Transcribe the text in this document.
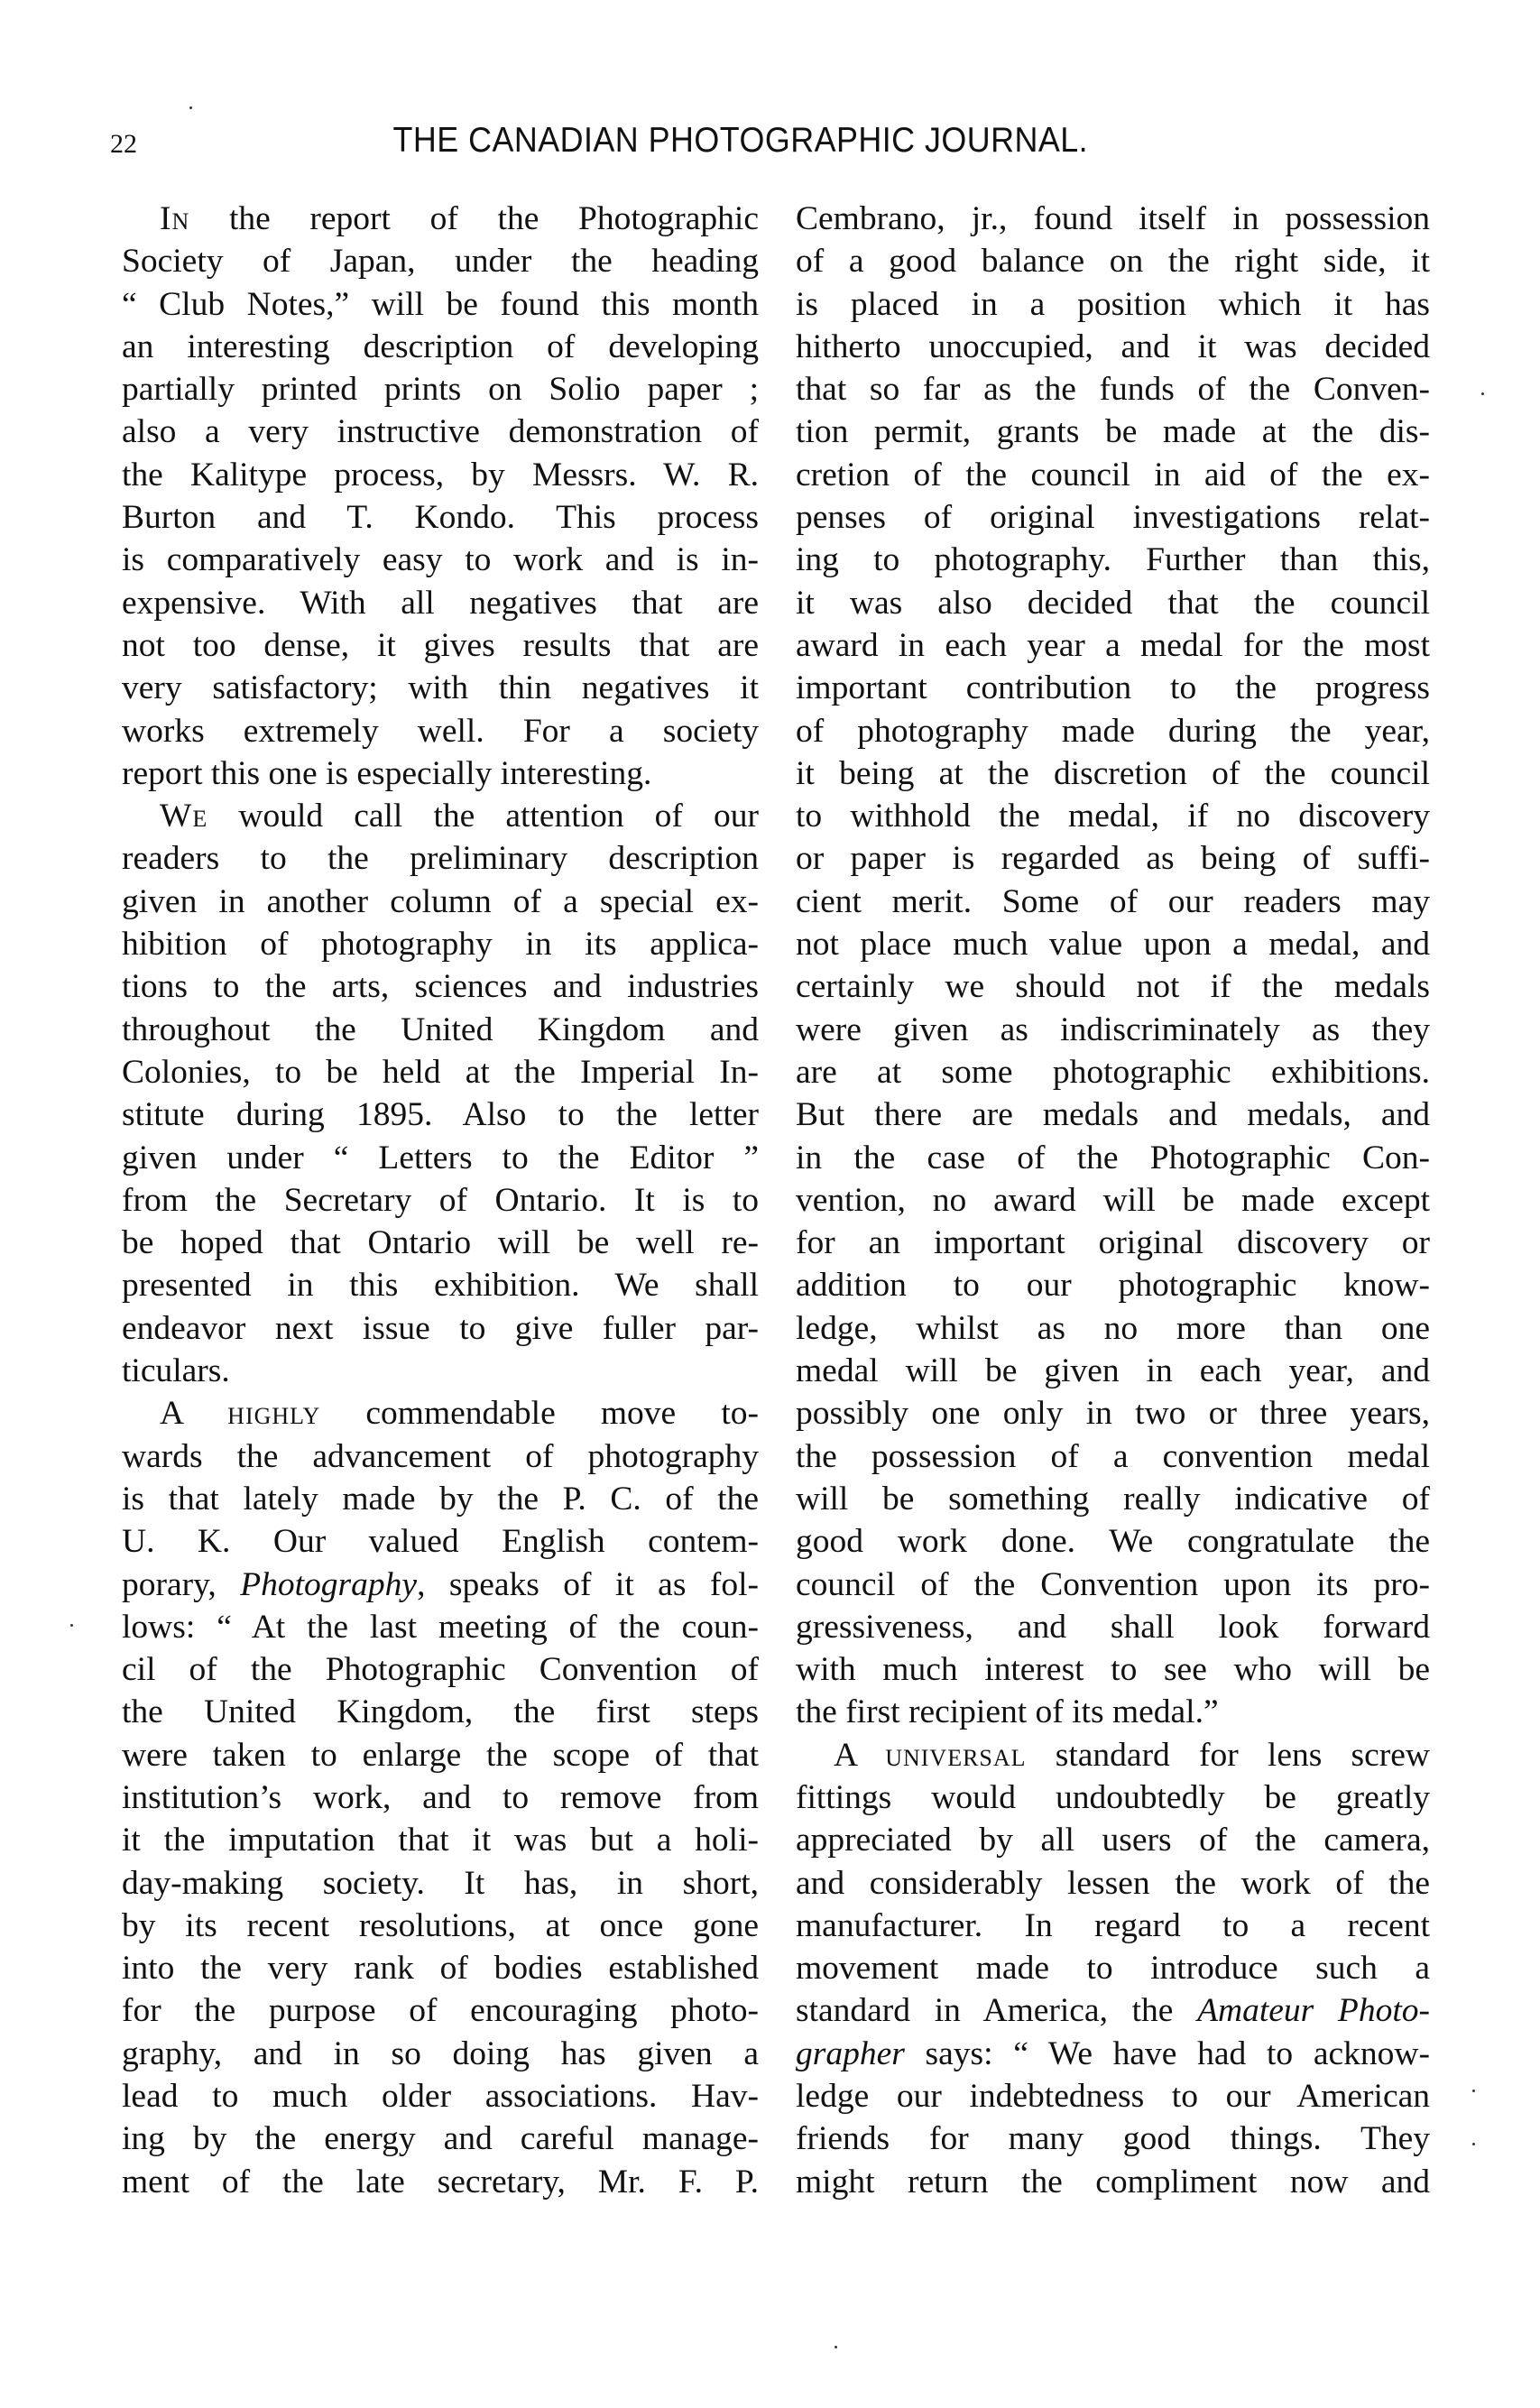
22	THE CANADIAN PHOTOGRAPHIC JOURNAL.
In the report of the Photographic
Society of Japan, under the heading
“ Club Notes,” will be found this month
an interesting description of developing
partially printed prints on Solio paper ;
also a very instructive demonstration of
the Kalitype process, by Messrs. W. R.
Burton and T. Kondo. This process
is comparatively easy to work and is in-
expensive. With all negatives that are
not too dense, it gives results that are
very satisfactory; with thin negatives it
works extremely well. For a society
report this one is especially interesting.
We would call the attention of our
readers to the preliminary description
given in another column of a special ex-
hibition of photography in its applica-
tions to the arts, sciences and industries
throughout the United Kingdom and
Colonies, to be held at the Imperial In-
stitute during 1895. Also to the letter
given under “ Letters to the Editor ”
from the Secretary of Ontario. It is to
be hoped that Ontario will be well re-
presented in this exhibition. We shall
endeavor next issue to give fuller par-
ticulars.
A highly commendable move to-
wards the advancement of photography
is that lately made by the P. C. of the
U. K. Our valued English contem-
porary, Photography, speaks of it as fol-
lows: “ At the last meeting of the coun-
cil of the Photographic Convention of
the United Kingdom, the first steps
were taken to enlarge the scope of that
institution’s work, and to remove from
it the imputation that it was but a holi-
day-making society. It has, in short,
by its recent resolutions, at once gone
into the very rank of bodies established
for the purpose of encouraging photo-
graphy, and in so doing has given a
lead to much older associations. Hav-
ing by the energy and careful manage-
ment of the late secretary, Mr. F. P.
Cembrano, jr., found itself in possession
of a good balance on the right side, it
is placed in a position which it has
hitherto unoccupied, and it was decided
that so far as the funds of the Conven-
tion permit, grants be made at the dis-
cretion of the council in aid of the ex-
penses of original investigations relat-
ing to photography. Further than this,
it was also decided that the council
award in each year a medal for the most
important contribution to the progress
of photography made during the year,
it being at the discretion of the council
to withhold the medal, if no discovery
or paper is regarded as being of suffi-
cient merit. Some of our readers may
not place much value upon a medal, and
certainly we should not if the medals
were given as indiscriminately as they
are at some photographic exhibitions.
But there are medals and medals, and
in the case of the Photographic Con-
vention, no award will be made except
for an important original discovery or
addition to our photographic know-
ledge, whilst as no more than one
medal will be given in each year, and
possibly one only in two or three years,
the possession of a convention medal
will be something really indicative of
good work done. We congratulate the
council of the Convention upon its pro-
gressiveness, and shall look forward
with much interest to see who will be
the first recipient of its medal.”
A universal standard for lens screw
fittings would undoubtedly be greatly
appreciated by all users of the camera,
and considerably lessen the work of the
manufacturer. In regard to a recent
movement made to introduce such a
standard in America, the Amateur Photo-
grapher says: “ We have had to acknow-
ledge our indebtedness to our American
friends for many good things. They
might return the compliment now and
